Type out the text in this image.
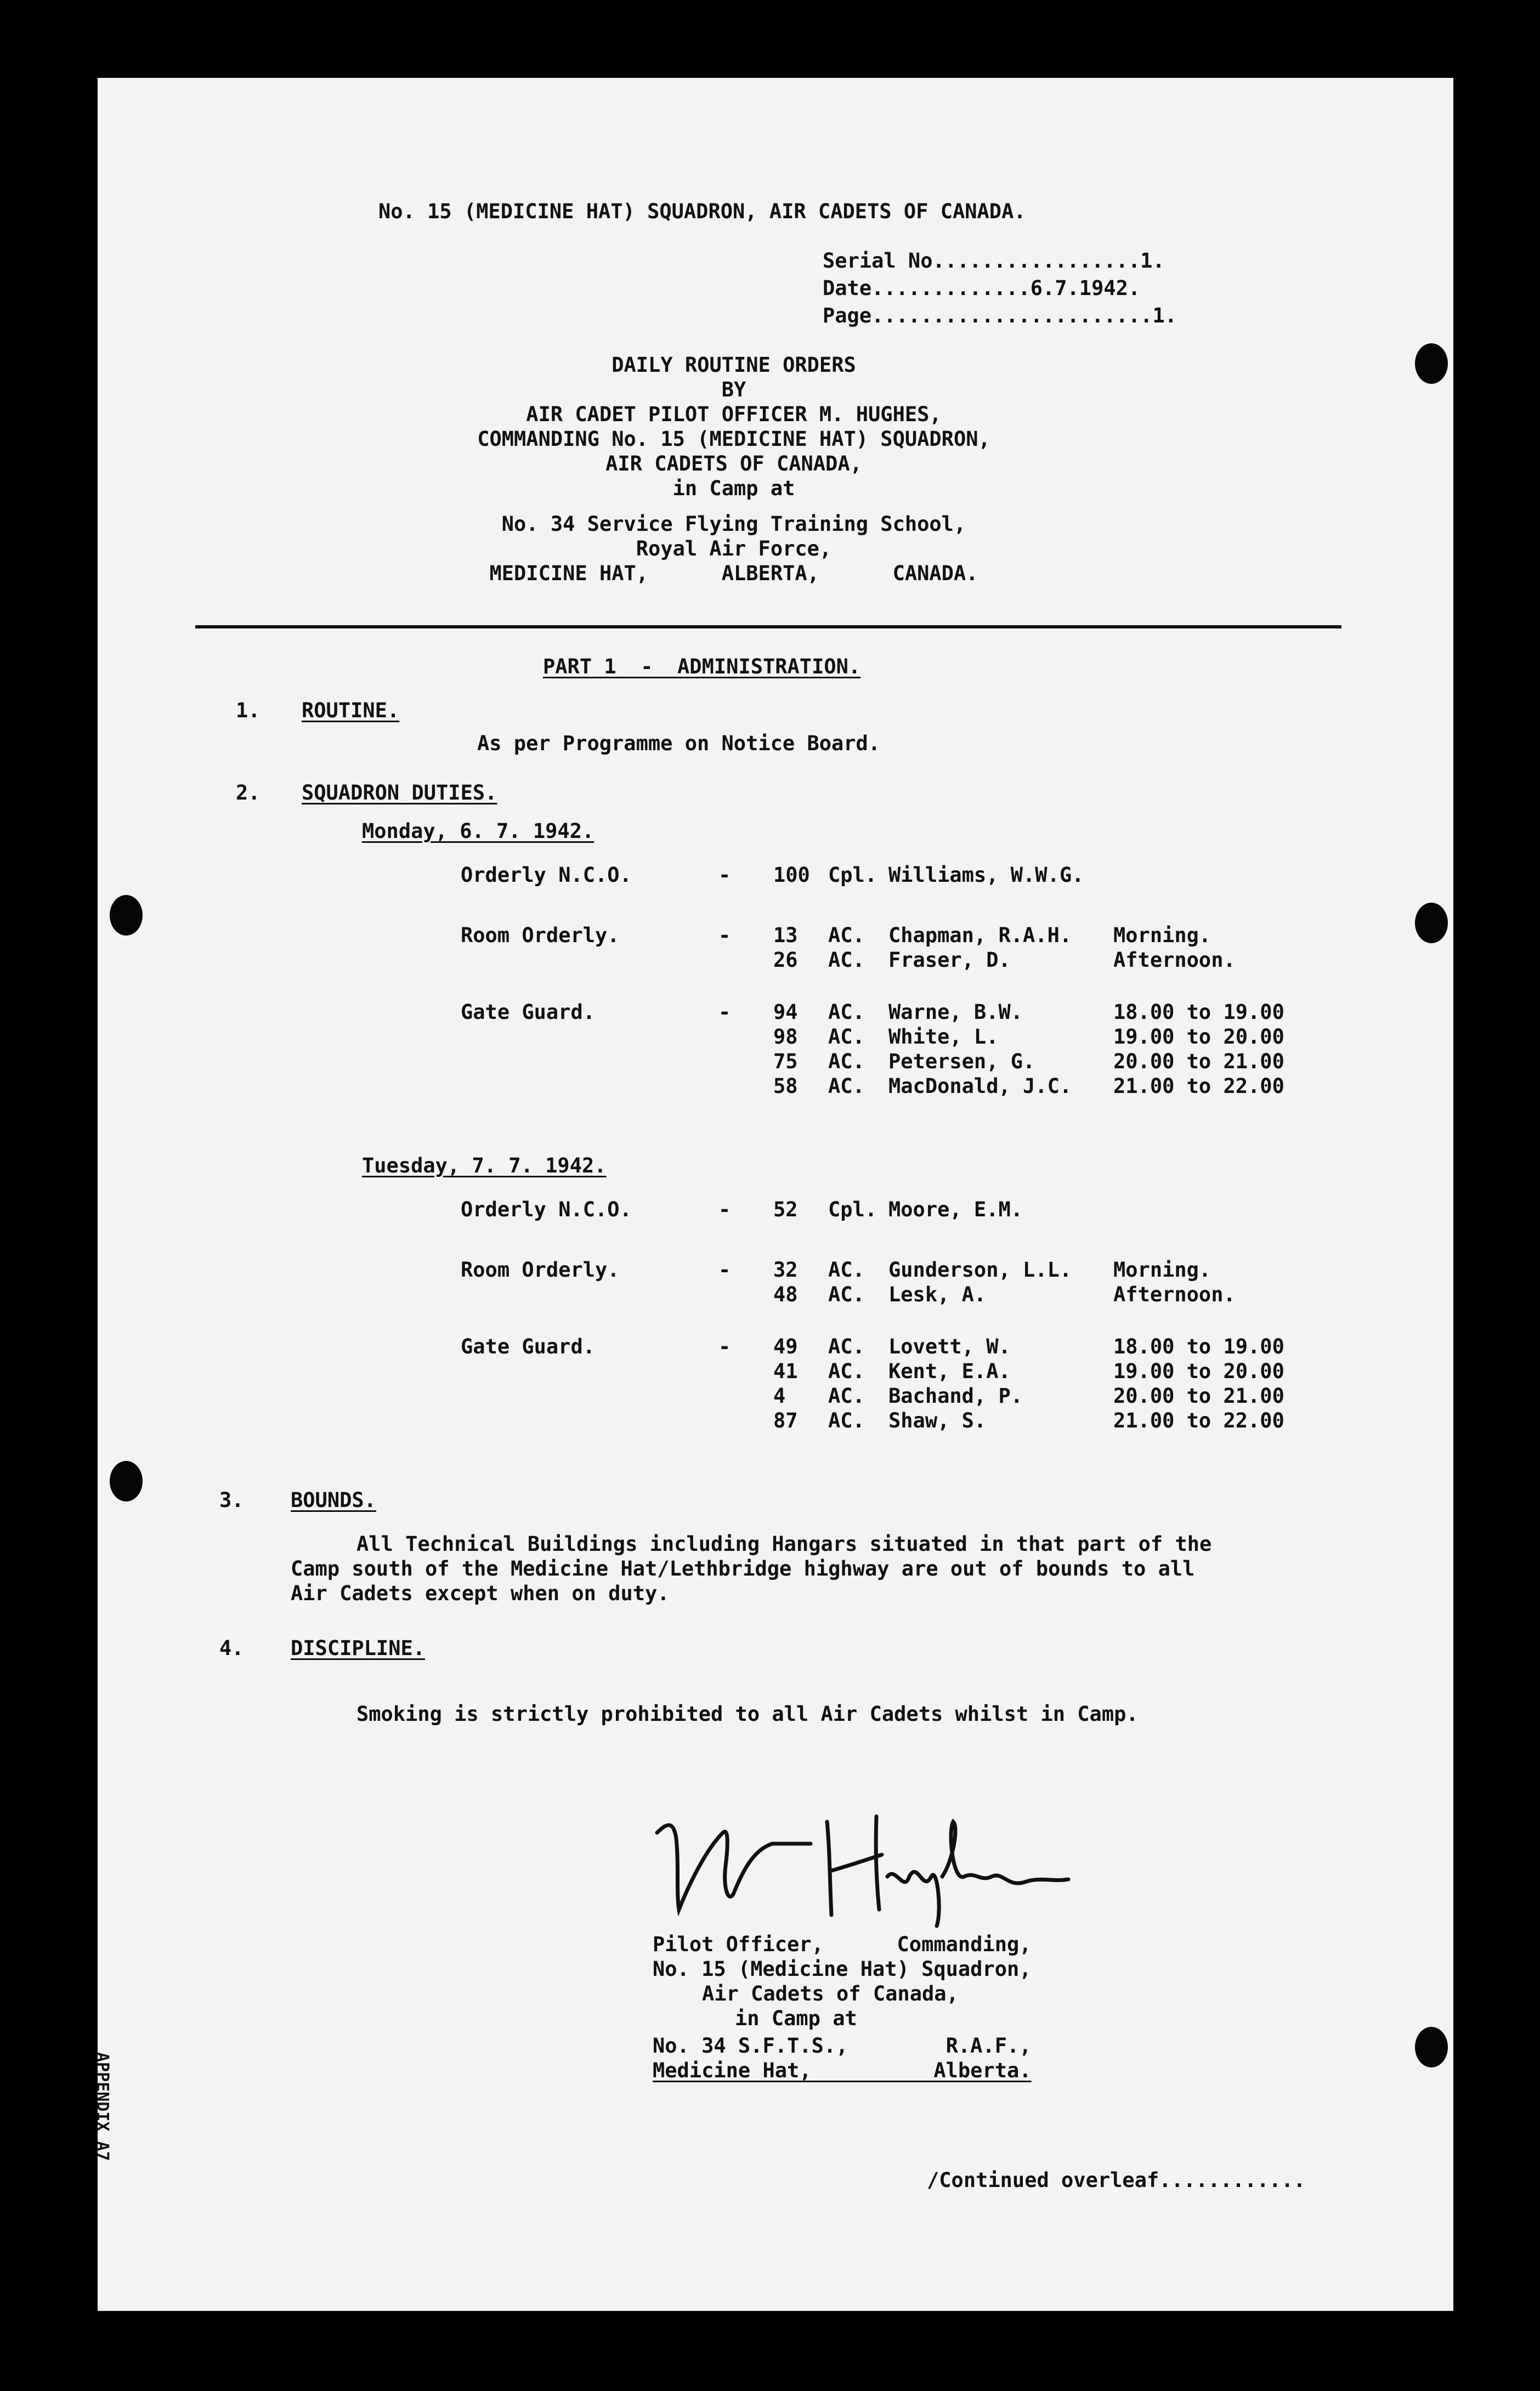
No. 15 (MEDICINE HAT) SQUADRON, AIR CADETS OF CANADA.
Serial No.................1.
Date.............6.7.1942.
Page.......................1.
DAILY ROUTINE ORDERS
BY
AIR CADET PILOT OFFICER M. HUGHES,
COMMANDING No. 15 (MEDICINE HAT) SQUADRON,
AIR CADETS OF CANADA,
in Camp at
No. 34 Service Flying Training School,
Royal Air Force,
MEDICINE HAT,      ALBERTA,      CANADA.
PART 1  -  ADMINISTRATION.
1. ROUTINE.
As per Programme on Notice Board.
2. SQUADRON DUTIES.
Monday, 6. 7. 1942.
Orderly N.C.O.	- 100 Cpl. Williams, W.W.G.
Room Orderly.	- 13 AC. Chapman, R.A.H. Morning.
26 AC. Fraser, D.	Afternoon.
Gate Guard.	- 94 AC. Warne, B.W.	18.00 to 19.00
98 AC. White, L.	19.00 to 20.00
75 AC. Petersen, G.	20.00 to 21.00
58 AC. MacDonald, J.C. 21.00 to 22.00
Tuesday, 7. 7. 1942.
Orderly N.C.O.	- 52 Cpl. Moore, E.M.
Room Orderly.	- 32 AC. Gunderson, L.L. Morning.
48 AC. Lesk, A.	Afternoon.
Gate Guard.	- 49 AC. Lovett, W.	18.00 to 19.00
41 AC. Kent, E.A.	19.00 to 20.00
4 AC. Bachand, P.	20.00 to 21.00
87 AC. Shaw, S.	21.00 to 22.00
3. BOUNDS.
All Technical Buildings including Hangars situated in that part of the
Camp south of the Medicine Hat/Lethbridge highway are out of bounds to all
Air Cadets except when on duty.
4. DISCIPLINE.
Smoking is strictly prohibited to all Air Cadets whilst in Camp.
Pilot Officer,      Commanding,
No. 15 (Medicine Hat) Squadron,
Air Cadets of Canada,
in Camp at
No. 34 S.F.T.S.,        R.A.F.,
Medicine Hat,          Alberta.
/Continued overleaf............
APPENDIX A7
